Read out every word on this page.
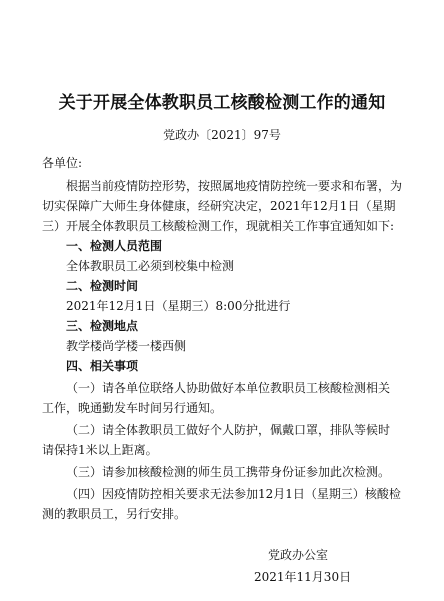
关于开展全体教职员工核酸检测工作的通知
党政办〔2021〕97号
各单位:
根据当前疫情防控形势，按照属地疫情防控统一要求和布署，为
切实保障广大师生身体健康，经研究决定，2021年12月1日（星期
三）开展全体教职员工核酸检测工作，现就相关工作事宜通知如下:
一、检测人员范围
全体教职员工必须到校集中检测
二、检测时间
2021年12月1日（星期三）8:00分批进行
三、检测地点
教学楼尚学楼一楼西侧
四、相关事项
（一）请各单位联络人协助做好本单位教职员工核酸检测相关
工作，晚通勤发车时间另行通知。
（二）请全体教职员工做好个人防护，佩戴口罩，排队等候时
请保持1米以上距离。
（三）请参加核酸检测的师生员工携带身份证参加此次检测。
（四）因疫情防控相关要求无法参加12月1日（星期三）核酸检
测的教职员工，另行安排。
党政办公室
2021年11月30日
